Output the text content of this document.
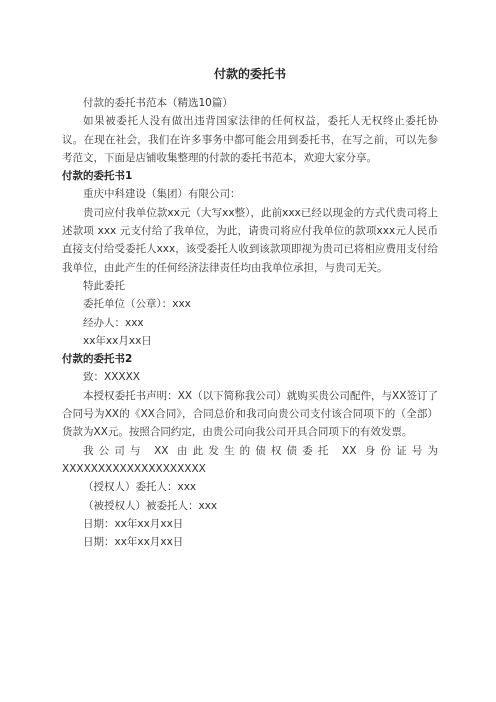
付款的委托书

付款的委托书范本（精选10篇）

如果被委托人没有做出违背国家法律的任何权益，委托人无权终止委托协议。在现在社会，我们在许多事务中都可能会用到委托书，在写之前，可以先参考范文，下面是店铺收集整理的付款的委托书范本，欢迎大家分享。

付款的委托书1

重庆中科建设（集团）有限公司：

贵司应付我单位款xx元（大写xx整），此前xxx已经以现金的方式代贵司将上述款项 xxx 元支付给了我单位，为此，请贵司将应付我单位的款项xxx元人民币直接支付给受委托人xxx，该受委托人收到该款项即视为贵司已将相应费用支付给我单位，由此产生的任何经济法律责任均由我单位承担，与贵司无关。

特此委托

委托单位（公章）：xxx

经办人：xxx

xx年xx月xx日

付款的委托书2

致：XXXXX

本授权委托书声明：XX（以下简称我公司）就购买贵公司配件，与XX签订了合同号为XX的《XX合同》，合同总价和我司向贵公司支付该合同项下的（全部）货款为XX元。按照合同约定，由贵公司向我公司开具合同项下的有效发票。

我公司与 XX 由此发生的债权债委托 XX 身份证号为

XXXXXXXXXXXXXXXXXXXX

（授权人）委托人：xxx

（被授权人）被委托人：xxx

日期：xx年xx月xx日

日期：xx年xx月xx日
